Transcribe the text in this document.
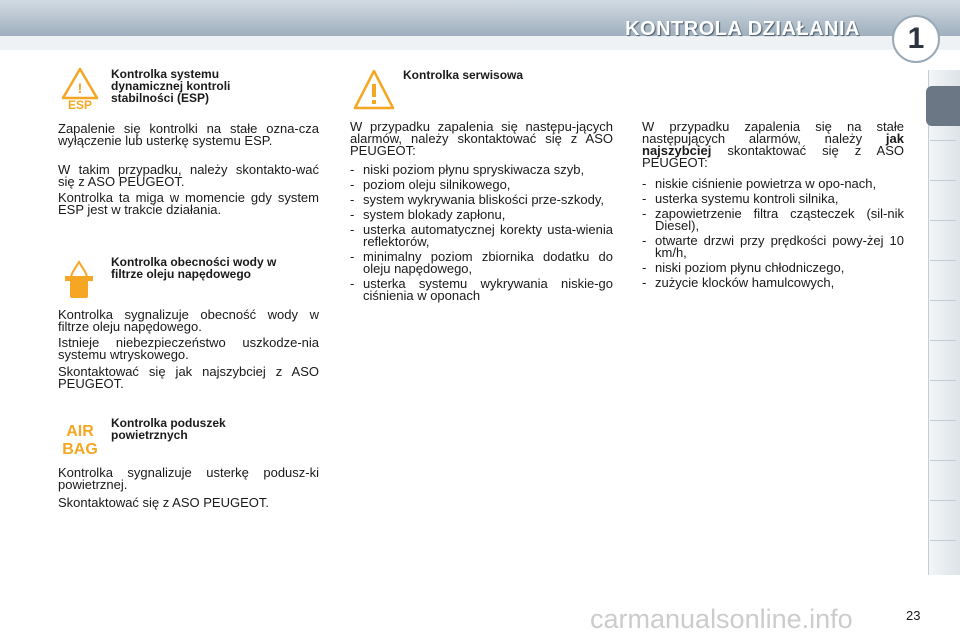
KONTROLA DZIAŁANIA	1
!
ESP
Kontrolka systemu dynamicznej kontroli stabilności (ESP)

Zapalenie się kontrolki na stałe ozna-cza wyłączenie lub usterkę systemu ESP.

W takim przypadku, należy skontakto-wać się z ASO PEUGEOT.

Kontrolka ta miga w momencie gdy system ESP jest w trakcie działania.

Kontrolka obecności wody w filtrze oleju napędowego

Kontrolka sygnalizuje obecność wody w filtrze oleju napędowego.

Istnieje niebezpieczeństwo uszkodze-nia systemu wtryskowego.

Skontaktować się jak najszybciej z ASO PEUGEOT.

AIR
BAG
Kontrolka poduszek powietrznych

Kontrolka sygnalizuje usterkę podusz-ki powietrznej.

Skontaktować się z ASO PEUGEOT.

Kontrolka serwisowa

W przypadku zapalenia się następu-jących alarmów, należy skontaktować się z ASO PEUGEOT:

- niski poziom płynu spryskiwacza szyb,
- poziom oleju silnikowego,
- system wykrywania bliskości prze-szkody,
- system blokady zapłonu,
- usterka automatycznej korekty usta-wienia reflektorów,
- minimalny poziom zbiornika dodatku do oleju napędowego,
- usterka systemu wykrywania niskie-go ciśnienia w oponach

W przypadku zapalenia się na stałe następujących alarmów, należy jak najszybciej skontaktować się z ASO PEUGEOT:

- niskie ciśnienie powietrza w opo-nach,
- usterka systemu kontroli silnika,
- zapowietrzenie filtra cząsteczek (sil-nik Diesel),
- otwarte drzwi przy prędkości powy-żej 10 km/h,
- niski poziom płynu chłodniczego,
- zużycie klocków hamulcowych,
carmanualsonline.info	23
